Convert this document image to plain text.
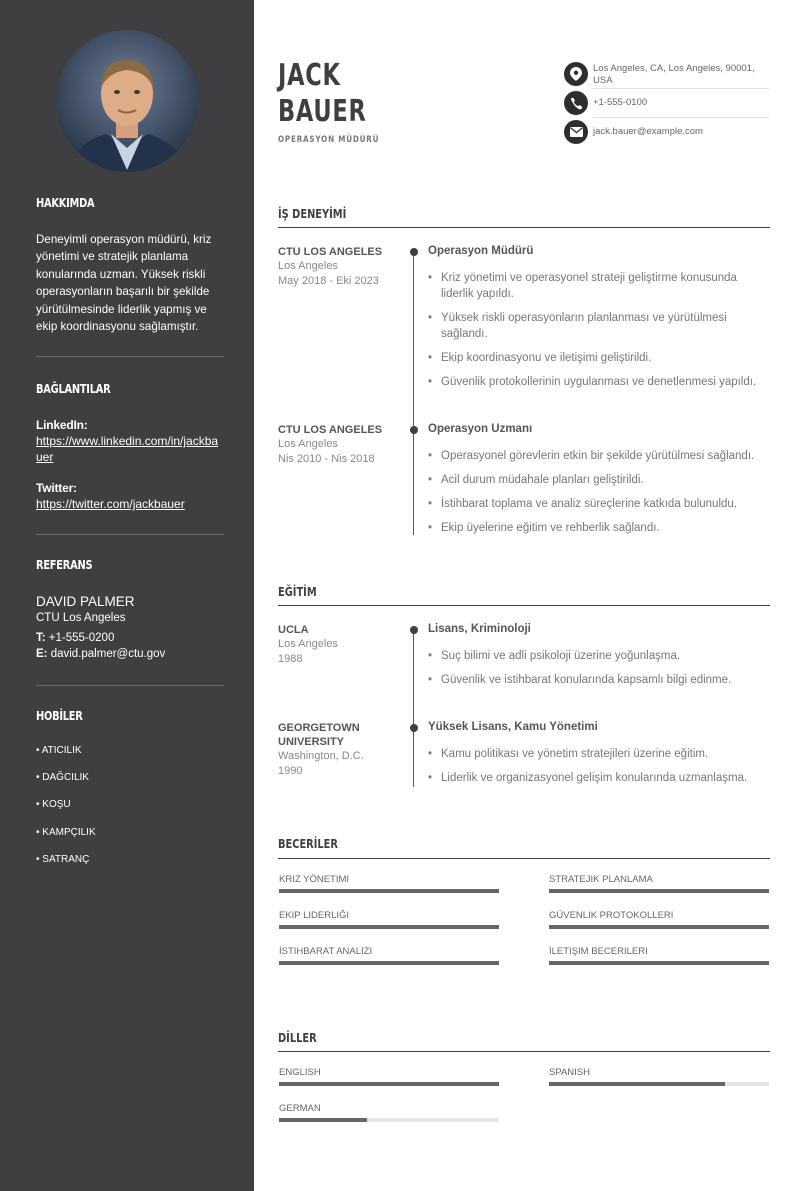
HAKKIMDA
Deneyimli operasyon müdürü, kriz yönetimi ve stratejik planlama konularında uzman. Yüksek riskli operasyonların başarılı bir şekilde yürütülmesinde liderlik yapmış ve ekip koordinasyonu sağlamıştır.
BAĞLANTILAR
LinkedIn:
https://www.linkedin.com/in/jackbauer
Twitter:
https://twitter.com/jackbauer
REFERANS
DAVID PALMER
CTU Los Angeles
T: +1-555-0200
E: david.palmer@ctu.gov
HOBİLER
• ATICILIK
• DAĞCILIK
• KOŞU
• KAMPÇILIK
• SATRANÇ
JACK
BAUER
OPERASYON MÜDÜRÜ
Los Angeles, CA, Los Angeles, 90001, USA
+1-555-0100
jack.bauer@example.com
İŞ DENEYİMİ
CTU LOS ANGELES
Los Angeles
May 2018 - Eki 2023
Operasyon Müdürü
• Kriz yönetimi ve operasyonel strateji geliştirme konusunda liderlik yapıldı.
• Yüksek riskli operasyonların planlanması ve yürütülmesi sağlandı.
• Ekip koordinasyonu ve iletişimi geliştirildi.
• Güvenlik protokollerinin uygulanması ve denetlenmesi yapıldı.
CTU LOS ANGELES
Los Angeles
Nis 2010 - Nis 2018
Operasyon Uzmanı
• Operasyonel görevlerin etkin bir şekilde yürütülmesi sağlandı.
• Acil durum müdahale planları geliştirildi.
• İstihbarat toplama ve analiz süreçlerine katkıda bulunuldu.
• Ekip üyelerine eğitim ve rehberlik sağlandı.
EĞİTİM
UCLA
Los Angeles
1988
Lisans, Kriminoloji
• Suç bilimi ve adli psikoloji üzerine yoğunlaşma.
• Güvenlik ve istihbarat konularında kapsamlı bilgi edinme.
GEORGETOWN UNIVERSITY
Washington, D.C.
1990
Yüksek Lisans, Kamu Yönetimi
• Kamu politikası ve yönetim stratejileri üzerine eğitim.
• Liderlik ve organizasyonel gelişim konularında uzmanlaşma.
BECERİLER
KRIZ YÖNETIMI	STRATEJIK PLANLAMA
EKIP LIDERLIĞI	GÜVENLIK PROTOKOLLERI
İSTIHBARAT ANALIZI	İLETIŞIM BECERILERI
DİLLER
ENGLISH	SPANISH
GERMAN
